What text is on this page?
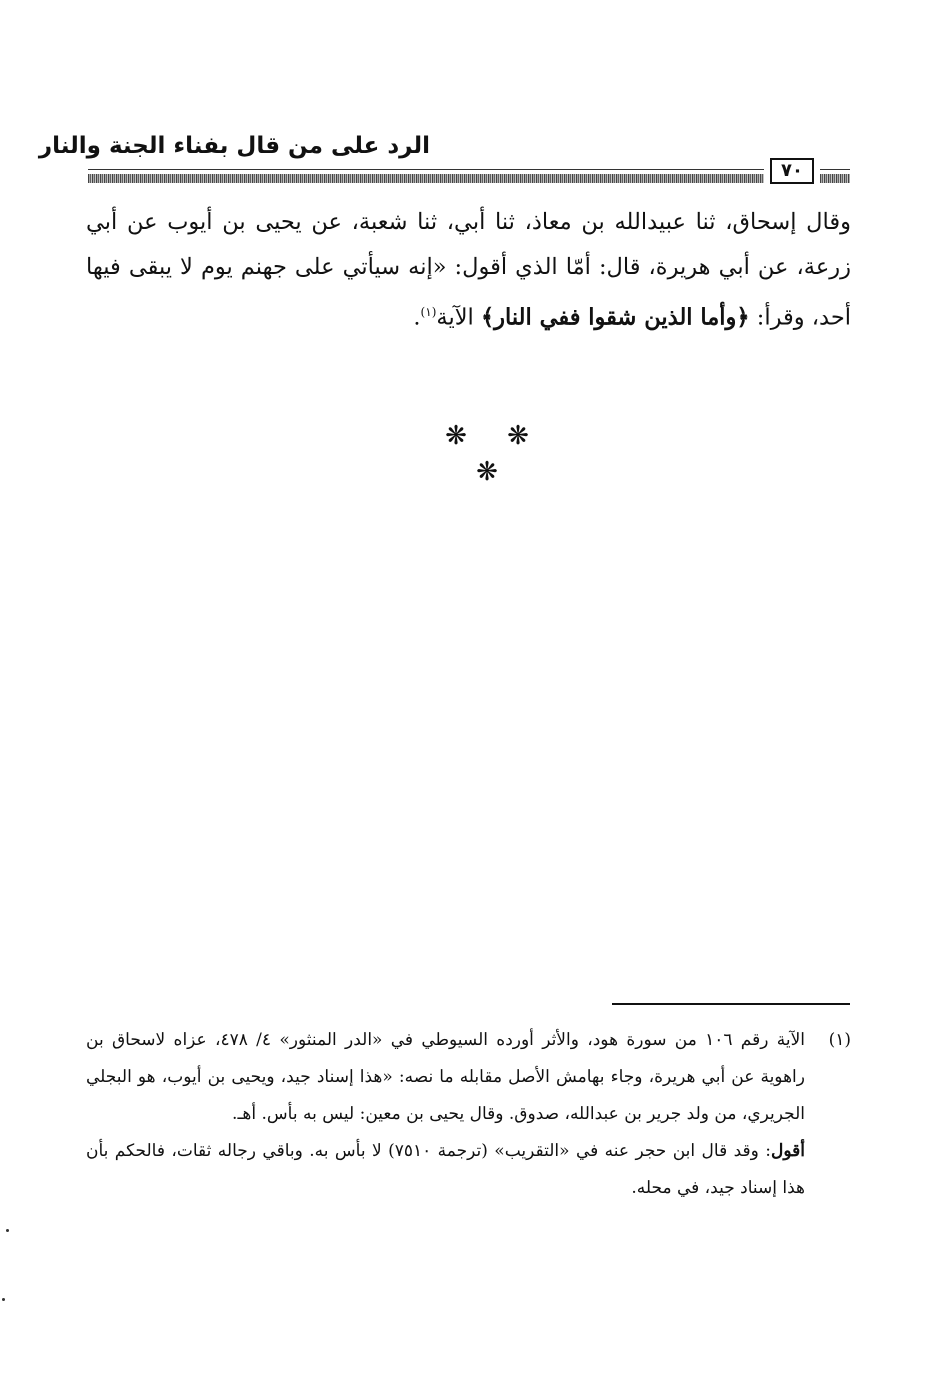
الرد على من قال بفناء الجنة والنار
٧٠
وقال إسحاق، ثنا عبيدالله بن معاذ، ثنا أبي، ثنا شعبة، عن يحيى بن أيوب عن أبي زرعة، عن أبي هريرة، قال: أمّا الذي أقول: «إنه سيأتي على جهنم يوم لا يبقى فيها أحد، وقرأ: ﴿وأما الذين شقوا ففي النار﴾ الآية$^{(١)}$.
❋ ❋ ❋
(١)
الآية رقم ١٠٦ من سورة هود، والأثر أورده السيوطي في «الدر المنثور» ٤/ ٤٧٨، عزاه لاسحاق بن راهوية عن أبي هريرة، وجاء بهامش الأصل مقابله ما نصه: «هذا إسناد جيد، ويحيى بن أيوب، هو البجلي الجريري، من ولد جرير بن عبدالله، صدوق. وقال يحيى بن معين: ليس به بأس. أهـ.
أقول: وقد قال ابن حجر عنه في «التقريب» (ترجمة ٧٥١٠) لا بأس به. وباقي رجاله ثقات، فالحكم بأن هذا إسناد جيد، في محله.
